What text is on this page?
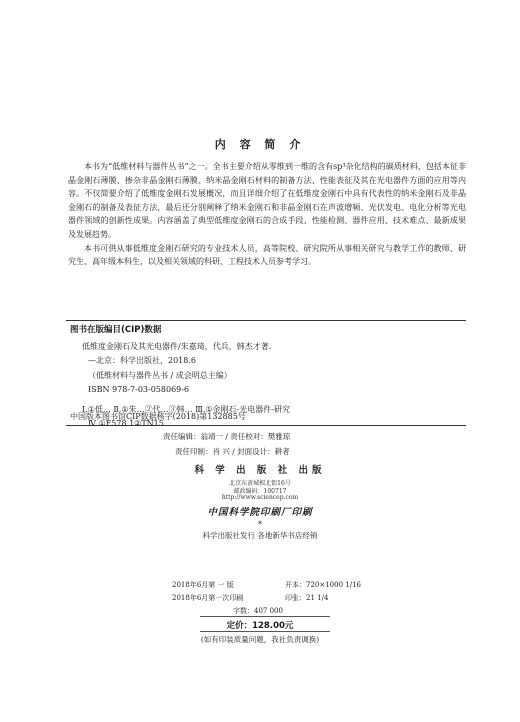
内 容 简 介

本书为“低维材料与器件丛书”之一。全书主要介绍从零维到一维的含有sp³杂化结构的碳质材料，包括本征非晶金刚石薄膜、掺杂非晶金刚石薄膜、纳米晶金刚石材料的制备方法、性能表征及其在光电器件方面的应用等内容。不仅简要介绍了低维度金刚石发展概况，而且详细介绍了在低维度金刚石中具有代表性的纳米金刚石及非晶金刚石的制备及表征方法，最后还分别阐释了纳米金刚石和非晶金刚石在声波增频、光伏发电、电化分析等光电器件领域的创新性成果。内容涵盖了典型低维度金刚石的合成手段、性能检测、器件应用、技术难点、最新成果及发展趋势。

本书可供从事低维度金刚石研究的专业技术人员，高等院校、研究院所从事相关研究与教学工作的教师、研究生、高年级本科生，以及相关领域的科研、工程技术人员参考学习。

图书在版编目(CIP)数据
低维度金刚石及其光电器件/朱嘉琦，代兵，韩杰才著.
—北京：科学出版社，2018.6
（低维材料与器件丛书 / 成会明总主编）
ISBN 978-7-03-058069-6
Ⅰ.①低… Ⅱ.①朱…②代…③韩… Ⅲ.①金刚石-光电器件-研究
Ⅳ.①F578.1②TN15
中国版本图书馆CIP数据核字(2018)第132885号
责任编辑：翁靖一 / 责任校对：樊雅琼
责任印制：肖 兴 / 封面设计：耕者
科 学 出 版 社 出版
北京东黄城根北街16号
邮政编码：100717
http://www.sciencep.com
中国科学院印刷厂印刷
*
科学出版社发行 各地新华书店经销
2018年6月第 一 版	开本：720×1000 1/16
2018年6月第一次印刷	印张：21 1/4
字数：407 000
定价：128.00元
(如有印装质量问题，我社负责调换)
